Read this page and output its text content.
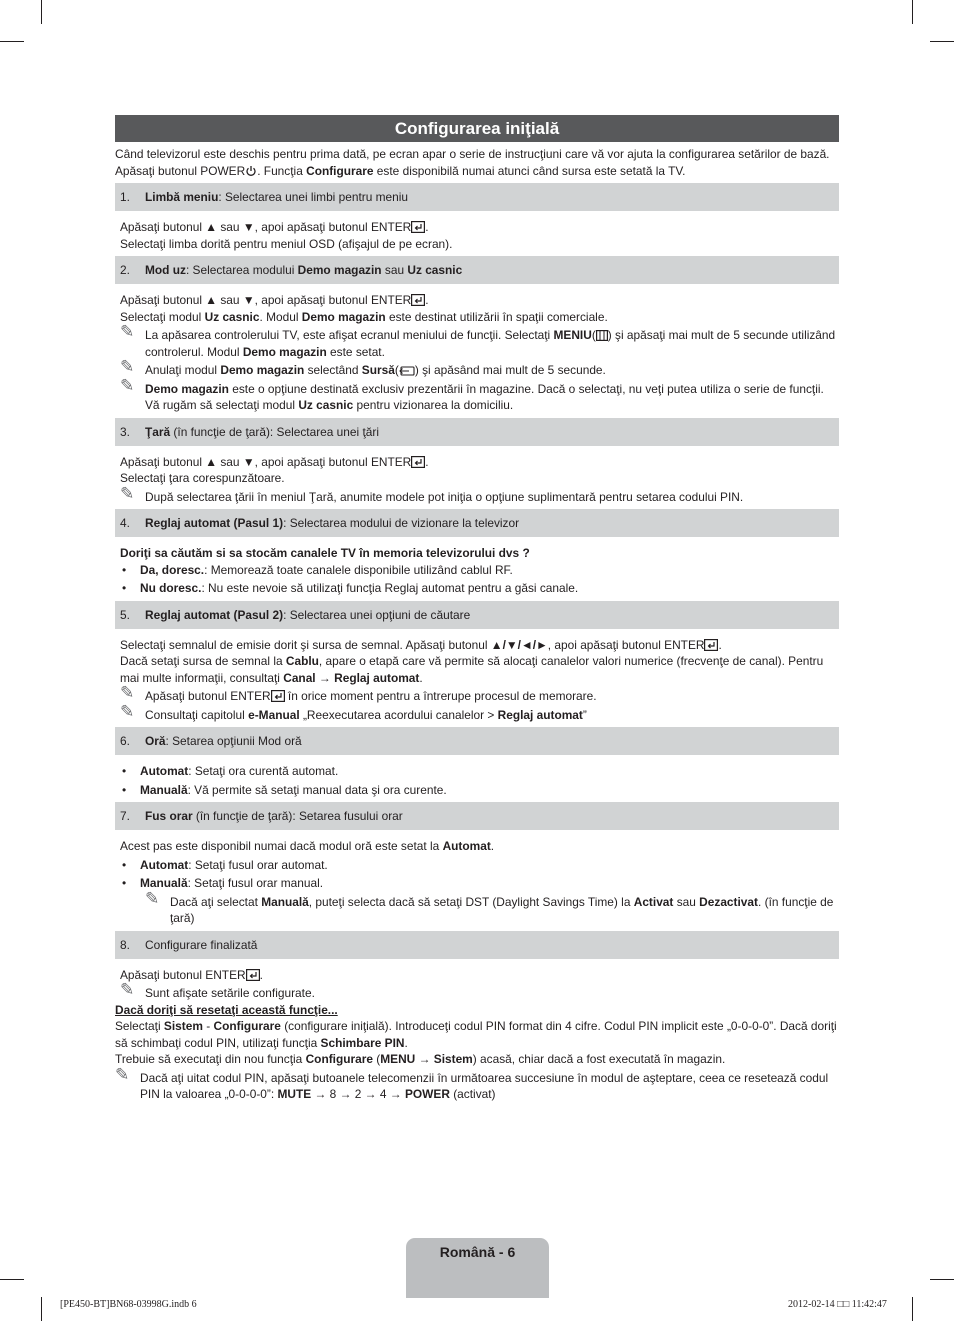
Configurarea iniţială

Când televizorul este deschis pentru prima dată, pe ecran apar o serie de instrucţiuni care vă vor ajuta la configurarea setărilor de bază.
Apăsaţi butonul POWER . Funcţia Configurare este disponibilă numai atunci când sursa este setată la TV.

1. Limbă meniu: Selectarea unei limbi pentru meniu

Apăsaţi butonul ▲ sau ▼, apoi apăsaţi butonul ENTER .

Selectaţi limba dorită pentru meniul OSD (afişajul de pe ecran).

2. Mod uz: Selectarea modului Demo magazin sau Uz casnic

Apăsaţi butonul ▲ sau ▼, apoi apăsaţi butonul ENTER .

Selectaţi modul Uz casnic. Modul Demo magazin este destinat utilizării în spaţii comerciale.

✎ La apăsarea controlerului TV, este afişat ecranul meniului de funcţii. Selectaţi MENIU( ) şi apăsaţi mai mult de 5 secunde utilizând controlerul. Modul Demo magazin este setat.
✎ Anulaţi modul Demo magazin selectând Sursă( ) şi apăsând mai mult de 5 secunde.
✎ Demo magazin este o opţiune destinată exclusiv prezentării în magazine. Dacă o selectaţi, nu veţi putea utiliza o serie de funcţii. Vă rugăm să selectaţi modul Uz casnic pentru vizionarea la domiciliu.
3. Ţară (în funcţie de ţară): Selectarea unei ţări

Apăsaţi butonul ▲ sau ▼, apoi apăsaţi butonul ENTER .

Selectaţi ţara corespunzătoare.

✎ După selectarea ţării în meniul Ţară, anumite modele pot iniţia o opţiune suplimentară pentru setarea codului PIN.
4. Reglaj automat (Pasul 1): Selectarea modului de vizionare la televizor

Doriţi sa căutăm si sa stocăm canalele TV în memoria televizorului dvs ?

• Da, doresc.: Memorează toate canalele disponibile utilizând cablul RF.
• Nu doresc.: Nu este nevoie să utilizaţi funcţia Reglaj automat pentru a găsi canale.
5. Reglaj automat (Pasul 2): Selectarea unei opţiuni de căutare

Selectaţi semnalul de emisie dorit şi sursa de semnal. Apăsaţi butonul ▲/▼/◄/►, apoi apăsaţi butonul ENTER .

Dacă setaţi sursa de semnal la Cablu, apare o etapă care vă permite să alocaţi canalelor valori numerice (frecvenţe de canal). Pentru mai multe informaţii, consultaţi Canal → Reglaj automat.

✎ Apăsaţi butonul ENTER în orice moment pentru a întrerupe procesul de memorare.
✎ Consultaţi capitolul e-Manual „Reexecutarea acordului canalelor > Reglaj automat”
6. Oră: Setarea opţiunii Mod oră
• Automat: Setaţi ora curentă automat.
• Manuală: Vă permite să setaţi manual data şi ora curente.
7. Fus orar (în funcţie de ţară): Setarea fusului orar

Acest pas este disponibil numai dacă modul oră este setat la Automat.

• Automat: Setaţi fusul orar automat.
• Manuală: Setaţi fusul orar manual.
✎ Dacă aţi selectat Manuală, puteţi selecta dacă să setaţi DST (Daylight Savings Time) la Activat sau Dezactivat. (în funcţie de ţară)
8. Configurare finalizată

Apăsaţi butonul ENTER .

✎ Sunt afişate setările configurate.

Dacă doriţi să resetaţi această funcţie...

Selectaţi Sistem - Configurare (configurare iniţială). Introduceţi codul PIN format din 4 cifre. Codul PIN implicit este „0-0-0-0”. Dacă doriţi să schimbaţi codul PIN, utilizaţi funcţia Schimbare PIN.

Trebuie să executaţi din nou funcţia Configurare (MENU → Sistem) acasă, chiar dacă a fost executată în magazin.

✎ Dacă aţi uitat codul PIN, apăsaţi butoanele telecomenzii în următoarea succesiune în modul de aşteptare, ceea ce resetează codul PIN la valoarea „0-0-0-0”: MUTE → 8 → 2 → 4 → POWER (activat)
Română - 6
[PE450-BT]BN68-03998G.indb 6	2012-02-14 □□ 11:42:47
